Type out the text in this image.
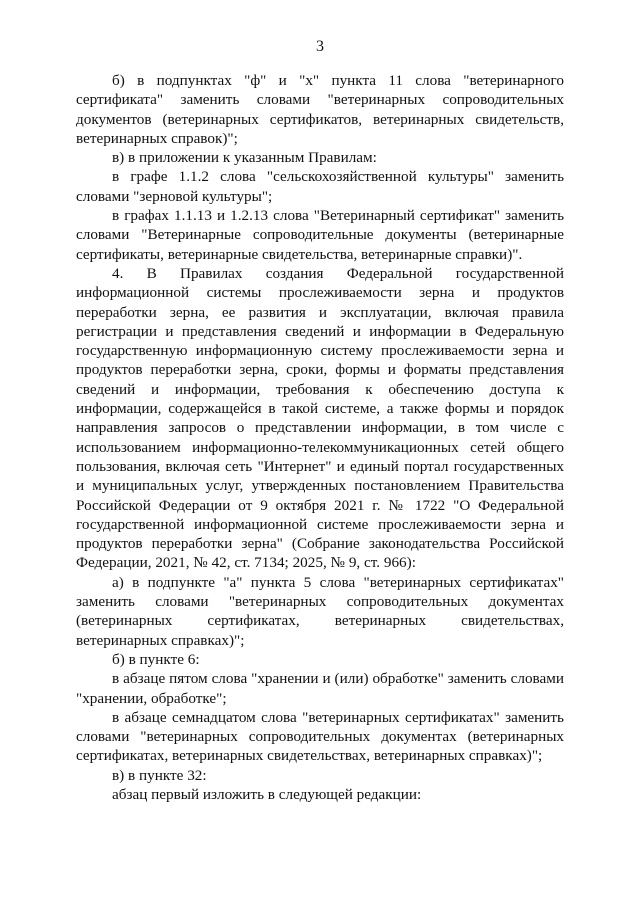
3

б) в подпунктах "ф" и "х" пункта 11 слова "ветеринарного сертификата" заменить словами "ветеринарных сопроводительных документов (ветеринарных сертификатов, ветеринарных свидетельств, ветеринарных справок)";

в) в приложении к указанным Правилам:

в графе 1.1.2 слова "сельскохозяйственной культуры" заменить словами "зерновой культуры";

в графах 1.1.13 и 1.2.13 слова "Ветеринарный сертификат" заменить словами "Ветеринарные сопроводительные документы (ветеринарные сертификаты, ветеринарные свидетельства, ветеринарные справки)".

4. В Правилах создания Федеральной государственной информационной системы прослеживаемости зерна и продуктов переработки зерна, ее развития и эксплуатации, включая правила регистрации и представления сведений и информации в Федеральную государственную информационную систему прослеживаемости зерна и продуктов переработки зерна, сроки, формы и форматы представления сведений и информации, требования к обеспечению доступа к информации, содержащейся в такой системе, а также формы и порядок направления запросов о представлении информации, в том числе с использованием информационно-телекоммуникационных сетей общего пользования, включая сеть "Интернет" и единый портал государственных и муниципальных услуг, утвержденных постановлением Правительства Российской Федерации от 9 октября 2021 г. № 1722 "О Федеральной государственной информационной системе прослеживаемости зерна и продуктов переработки зерна" (Собрание законодательства Российской Федерации, 2021, № 42, ст. 7134; 2025, № 9, ст. 966):

а) в подпункте "а" пункта 5 слова "ветеринарных сертификатах" заменить словами "ветеринарных сопроводительных документах (ветеринарных сертификатах, ветеринарных свидетельствах, ветеринарных справках)";

б) в пункте 6:

в абзаце пятом слова "хранении и (или) обработке" заменить словами "хранении, обработке";

в абзаце семнадцатом слова "ветеринарных сертификатах" заменить словами "ветеринарных сопроводительных документах (ветеринарных сертификатах, ветеринарных свидетельствах, ветеринарных справках)";

в) в пункте 32:

абзац первый изложить в следующей редакции:
